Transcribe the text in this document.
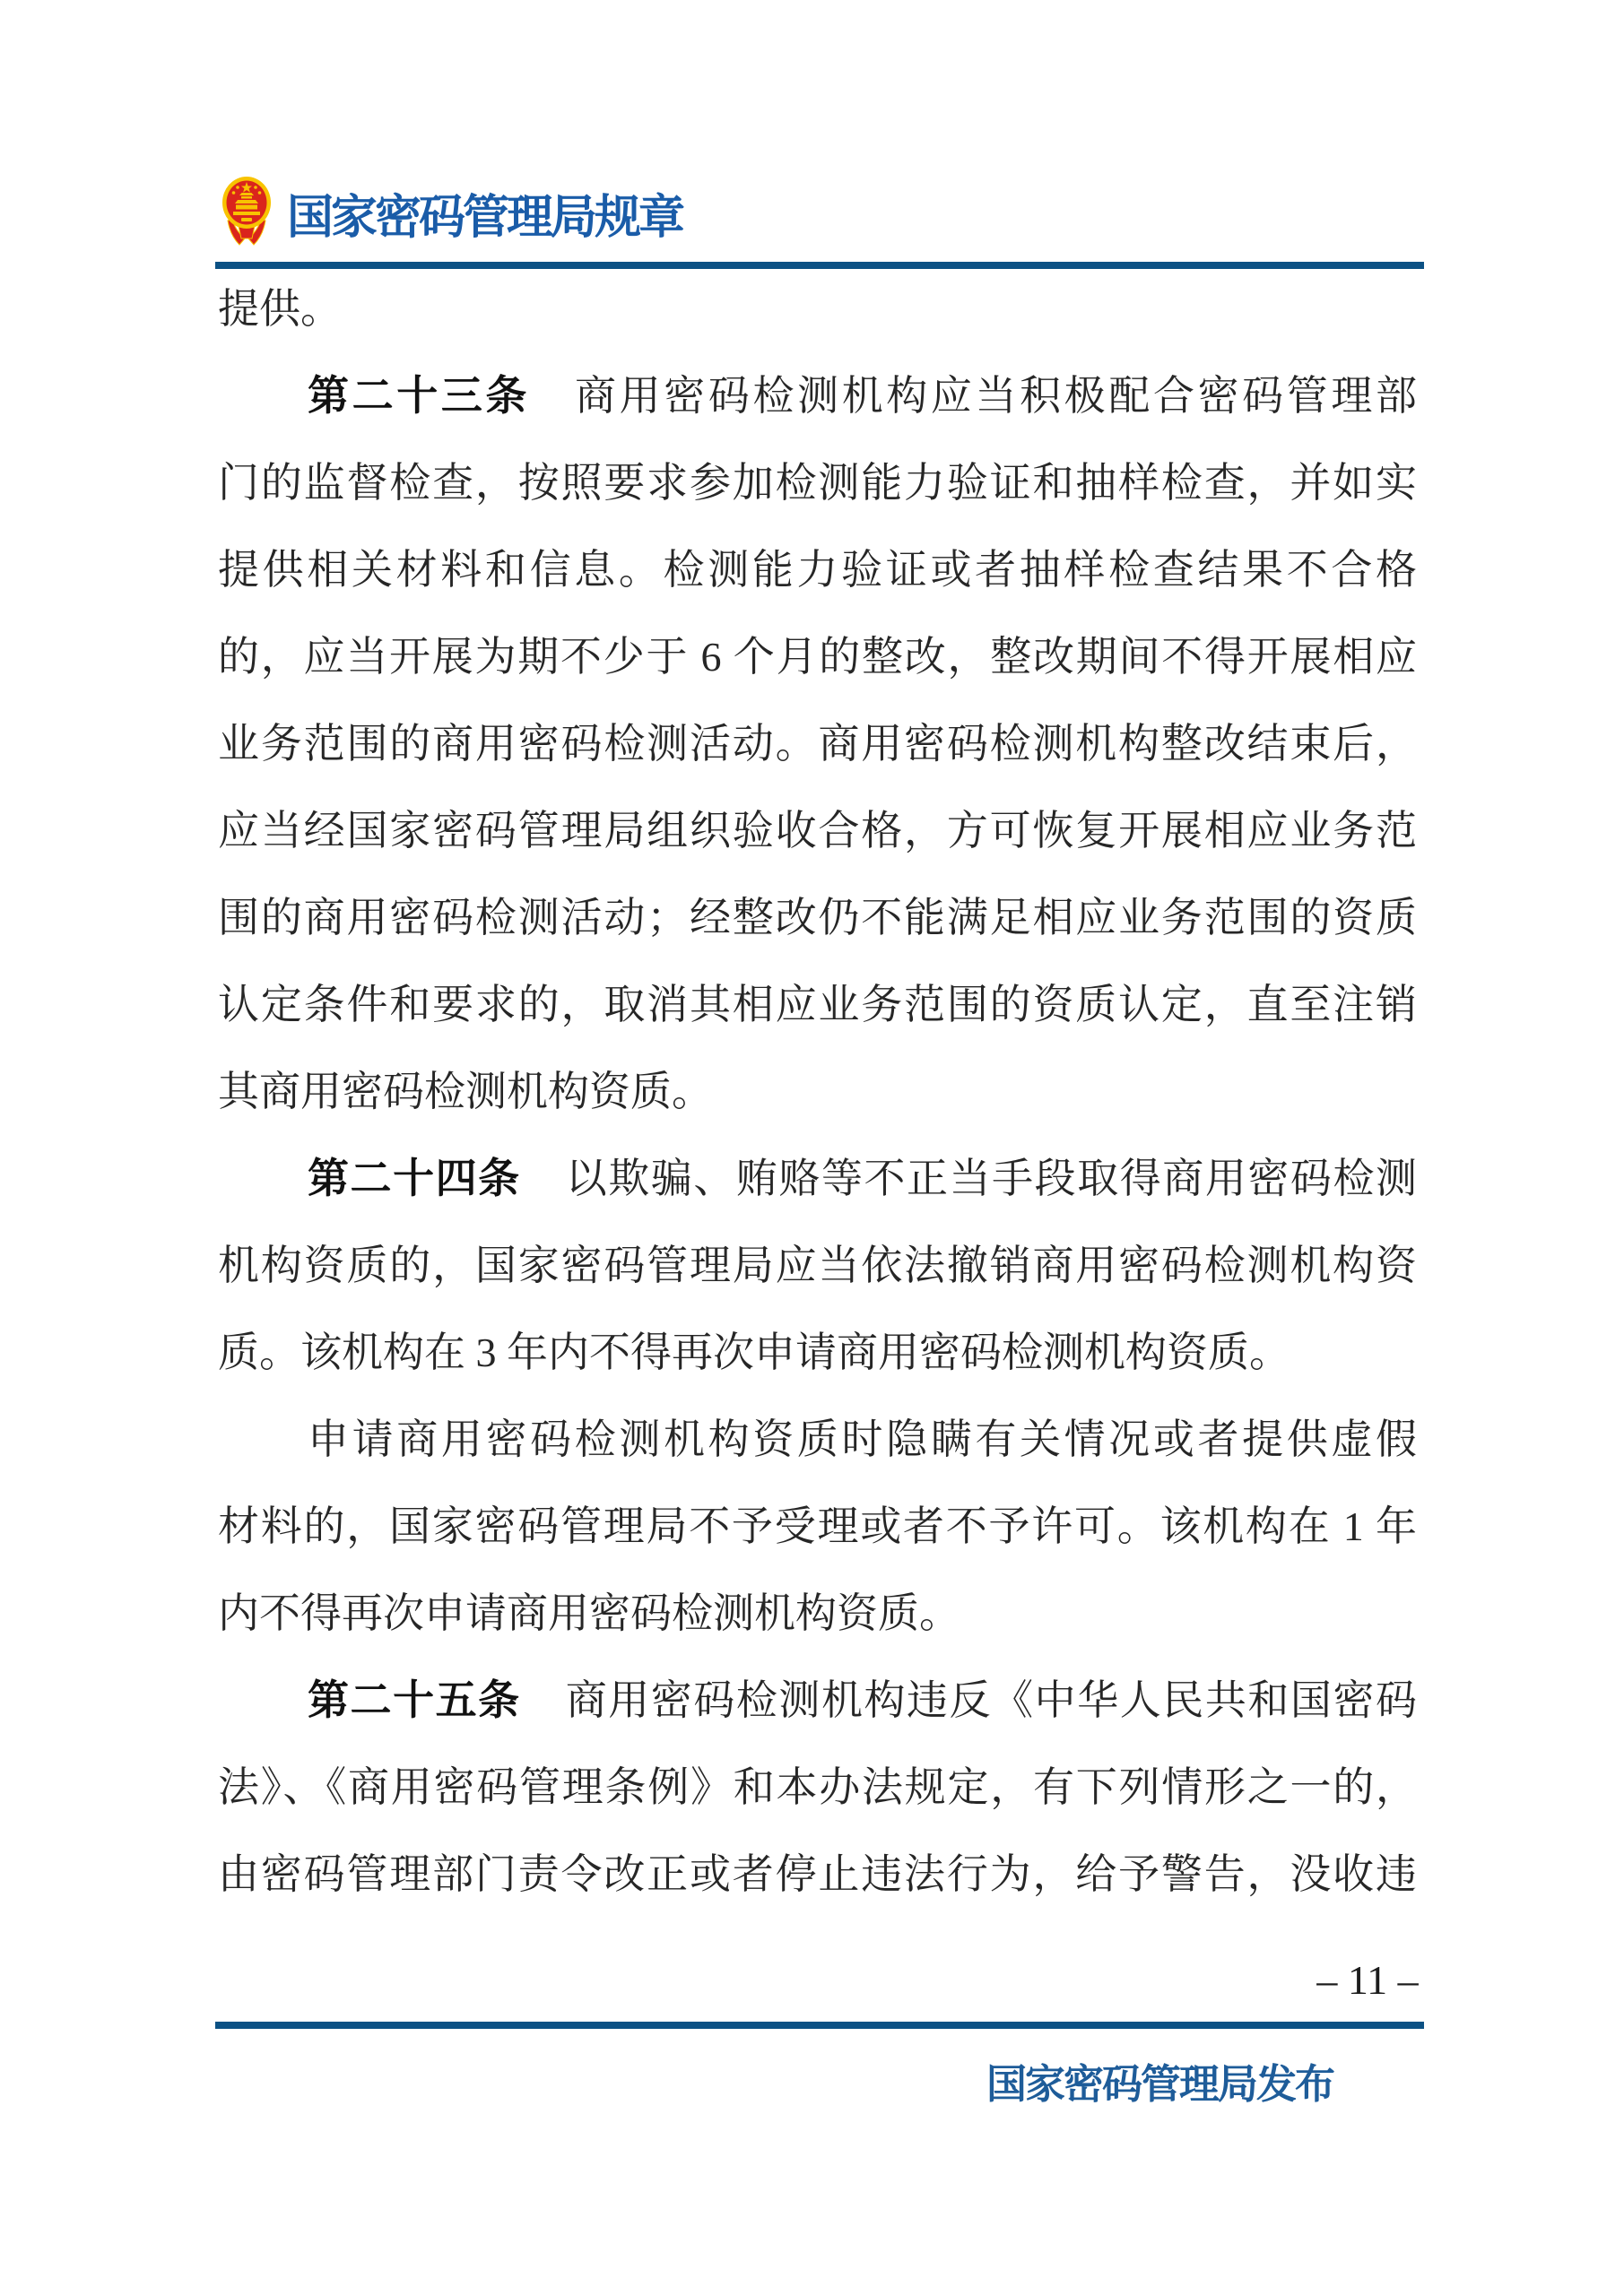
国家密码管理局规章
提供。
第二十三条 商用密码检测机构应当积极配合密码管理部
门的监督检查，按照要求参加检测能力验证和抽样检查，并如实
提供相关材料和信息。检测能力验证或者抽样检查结果不合格
的，应当开展为期不少于 6 个月的整改，整改期间不得开展相应
业务范围的商用密码检测活动。商用密码检测机构整改结束后，
应当经国家密码管理局组织验收合格，方可恢复开展相应业务范
围的商用密码检测活动；经整改仍不能满足相应业务范围的资质
认定条件和要求的，取消其相应业务范围的资质认定，直至注销
其商用密码检测机构资质。
第二十四条 以欺骗、贿赂等不正当手段取得商用密码检测
机构资质的，国家密码管理局应当依法撤销商用密码检测机构资
质。该机构在 3 年内不得再次申请商用密码检测机构资质。
申请商用密码检测机构资质时隐瞒有关情况或者提供虚假
材料的，国家密码管理局不予受理或者不予许可。该机构在 1 年
内不得再次申请商用密码检测机构资质。
第二十五条 商用密码检测机构违反《中华人民共和国密码
法》、《商用密码管理条例》和本办法规定，有下列情形之一的，
由密码管理部门责令改正或者停止违法行为，给予警告，没收违
– 11 –
国家密码管理局发布
